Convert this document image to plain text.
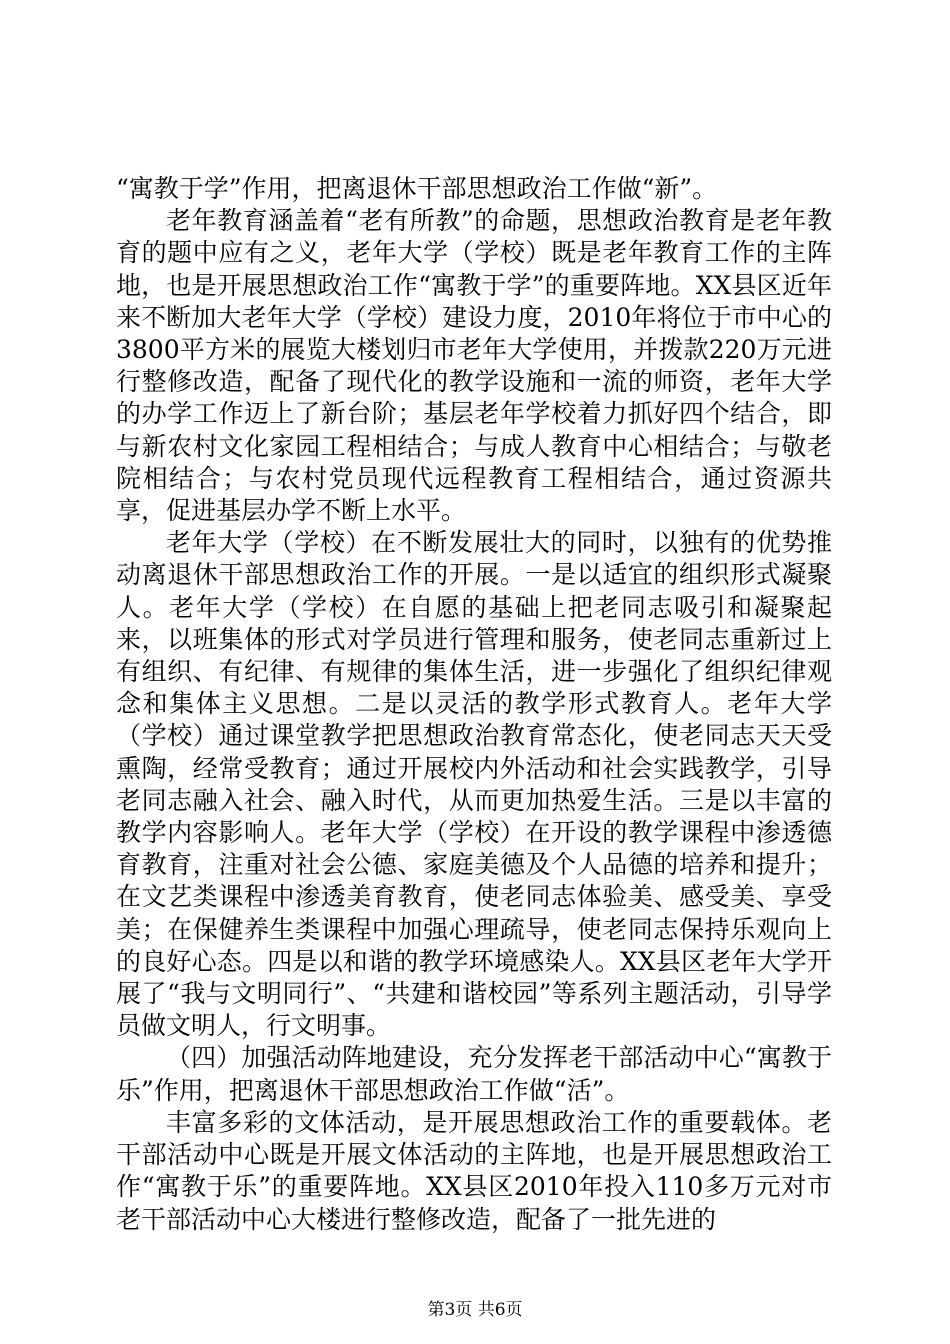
“寓教于学”作用，把离退休干部思想政治工作做“新”。

老年教育涵盖着“老有所教”的命题，思想政治教育是老年教育的题中应有之义，老年大学（学校）既是老年教育工作的主阵地，也是开展思想政治工作“寓教于学”的重要阵地。XX县区近年来不断加大老年大学（学校）建设力度，2010年将位于市中心的3800平方米的展览大楼划归市老年大学使用，并拨款220万元进行整修改造，配备了现代化的教学设施和一流的师资，老年大学的办学工作迈上了新台阶；基层老年学校着力抓好四个结合，即与新农村文化家园工程相结合；与成人教育中心相结合；与敬老院相结合；与农村党员现代远程教育工程相结合，通过资源共享，促进基层办学不断上水平。

老年大学（学校）在不断发展壮大的同时，以独有的优势推动离退休干部思想政治工作的开展。一是以适宜的组织形式凝聚人。老年大学（学校）在自愿的基础上把老同志吸引和凝聚起来，以班集体的形式对学员进行管理和服务，使老同志重新过上有组织、有纪律、有规律的集体生活，进一步强化了组织纪律观念和集体主义思想。二是以灵活的教学形式教育人。老年大学（学校）通过课堂教学把思想政治教育常态化，使老同志天天受熏陶，经常受教育；通过开展校内外活动和社会实践教学，引导老同志融入社会、融入时代，从而更加热爱生活。三是以丰富的教学内容影响人。老年大学（学校）在开设的教学课程中渗透德育教育，注重对社会公德、家庭美德及个人品德的培养和提升；在文艺类课程中渗透美育教育，使老同志体验美、感受美、享受美；在保健养生类课程中加强心理疏导，使老同志保持乐观向上的良好心态。四是以和谐的教学环境感染人。XX县区老年大学开展了“我与文明同行”、“共建和谐校园”等系列主题活动，引导学员做文明人，行文明事。

（四）加强活动阵地建设，充分发挥老干部活动中心“寓教于乐”作用，把离退休干部思想政治工作做“活”。

丰富多彩的文体活动，是开展思想政治工作的重要载体。老干部活动中心既是开展文体活动的主阵地，也是开展思想政治工作“寓教于乐”的重要阵地。XX县区2010年投入110多万元对市老干部活动中心大楼进行整修改造，配备了一批先进的

第3页 共6页
